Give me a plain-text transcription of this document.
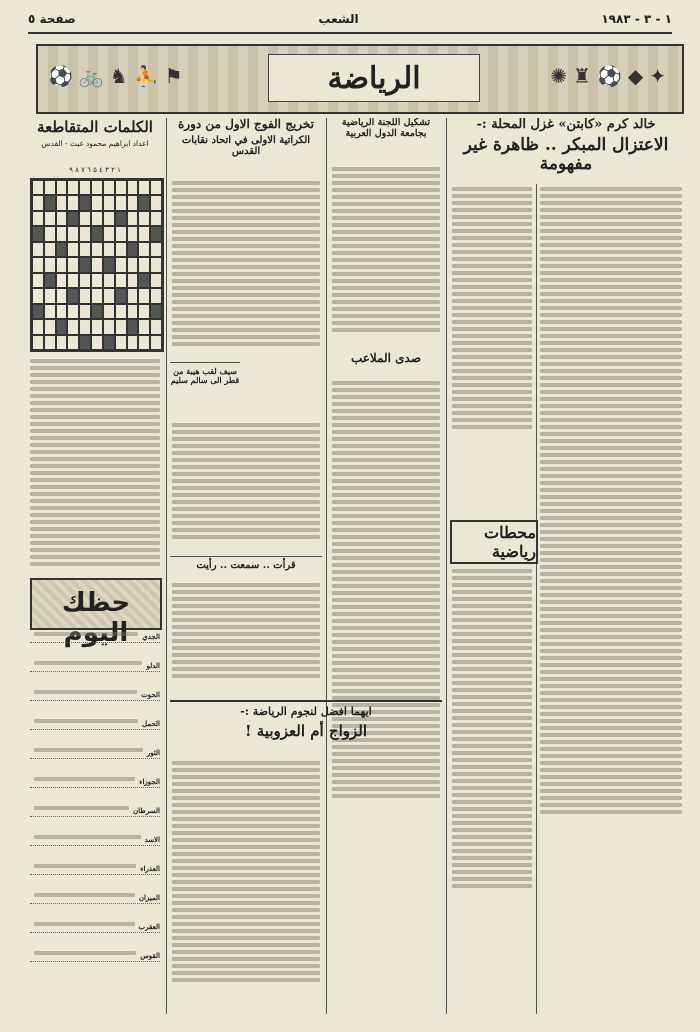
صفحة ٥	الشعب	١ - ٣ - ١٩٨٣
⚽🚲♞⛹⚑	الرياضة	✺♜⚽◆✦
خالد كرم «كابتن» غزل المحلة :-
الاعتزال المبكر .. ظاهرة غير مفهومة
محطات رياضية
تشكيل اللجنة الرياضية بجامعة الدول العربية
صدى الملاعب
تخريج الفوج الاول من دورة
الكراتية الاولى في اتحاد نقابات القدس
سيف لقب هيبة من قطر الى سالم سليم
قرأت .. سمعت .. رأيت
ايهما افضل لنجوم الرياضة :-
الزواج أم العزوبية !
الكلمات المتقاطعة
اعداد ابراهيم محمود غيث - القدس
١ ٢ ٣ ٤ ٥ ٦ ٧ ٨ ٩
حظك اليوم	الجدي
الدلو
الحوت
الحمل
الثور
الجوزاء
السرطان
الاسد
العذراء
الميزان
العقرب
القوس
